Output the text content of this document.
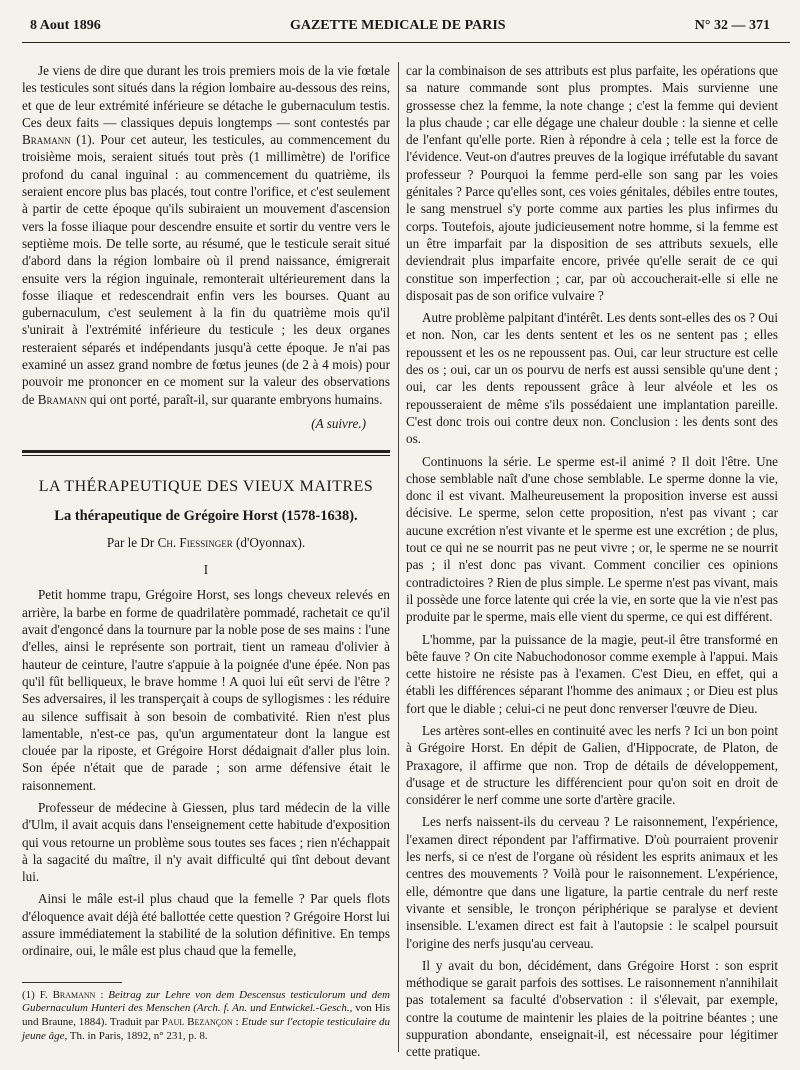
8 Aout 1896	GAZETTE MEDICALE DE PARIS	N° 32 — 371

Je viens de dire que durant les trois premiers mois de la vie fœtale les testicules sont situés dans la région lombaire au-dessous des reins, et que de leur extrémité inférieure se détache le gubernaculum testis. Ces deux faits — classiques depuis longtemps — sont contestés par Bramann (1). Pour cet auteur, les testicules, au commencement du troisième mois, seraient situés tout près (1 millimètre) de l'orifice profond du canal inguinal : au commencement du quatrième, ils seraient encore plus bas placés, tout contre l'orifice, et c'est seulement à partir de cette époque qu'ils subiraient un mouvement d'ascension vers la fosse iliaque pour descendre ensuite et sortir du ventre vers le septième mois. De telle sorte, au résumé, que le testicule serait situé d'abord dans la région lombaire où il prend naissance, émigrerait ensuite vers la région inguinale, remonterait ultérieurement dans la fosse iliaque et redescendrait enfin vers les bourses. Quant au gubernaculum, c'est seulement à la fin du quatrième mois qu'il s'unirait à l'extrémité inférieure du testicule ; les deux organes resteraient séparés et indépendants jusqu'à cette époque. Je n'ai pas examiné un assez grand nombre de fœtus jeunes (de 2 à 4 mois) pour pouvoir me prononcer en ce moment sur la valeur des observations de Bramann qui ont porté, paraît-il, sur quarante embryons humains.

(A suivre.)
LA THÉRAPEUTIQUE DES VIEUX MAITRES
La thérapeutique de Grégoire Horst (1578-1638).
Par le Dr Ch. Fiessinger (d'Oyonnax).
I

Petit homme trapu, Grégoire Horst, ses longs cheveux relevés en arrière, la barbe en forme de quadrilatère pommadé, rachetait ce qu'il avait d'engoncé dans la tournure par la noble pose de ses mains : l'une d'elles, ainsi le représente son portrait, tient un rameau d'olivier à hauteur de ceinture, l'autre s'appuie à la poignée d'une épée. Non pas qu'il fût belliqueux, le brave homme ! A quoi lui eût servi de l'être ? Ses adversaires, il les transperçait à coups de syllogismes : les réduire au silence suffisait à son besoin de combativité. Rien n'est plus lamentable, n'est-ce pas, qu'un argumentateur dont la langue est clouée par la riposte, et Grégoire Horst dédaignait d'aller plus loin. Son épée n'était que de parade ; son arme défensive était le raisonnement.

Professeur de médecine à Giessen, plus tard médecin de la ville d'Ulm, il avait acquis dans l'enseignement cette habitude d'exposition qui vous retourne un problème sous toutes ses faces ; rien n'échappait à la sagacité du maître, il n'y avait difficulté qui tînt debout devant lui.

Ainsi le mâle est-il plus chaud que la femelle ? Par quels flots d'éloquence avait déjà été ballottée cette question ? Grégoire Horst lui assure immédiatement la stabilité de la solution définitive. En temps ordinaire, oui, le mâle est plus chaud que la femelle,

(1) F. Bramann : Beitrag zur Lehre von dem Descensus testiculorum und dem Gubernaculum Hunteri des Menschen (Arch. f. An. und Entwickel.-Gesch., von His und Braune, 1884). Traduit par Paul Bezançon : Etude sur l'ectopie testiculaire du jeune âge, Th. in Paris, 1892, n° 231, p. 8.

car la combinaison de ses attributs est plus parfaite, les opérations que sa nature commande sont plus promptes. Mais survienne une grossesse chez la femme, la note change ; c'est la femme qui devient la plus chaude ; car elle dégage une chaleur double : la sienne et celle de l'enfant qu'elle porte. Rien à répondre à cela ; telle est la force de l'évidence. Veut-on d'autres preuves de la logique irréfutable du savant professeur ? Pourquoi la femme perd-elle son sang par les voies génitales ? Parce qu'elles sont, ces voies génitales, débiles entre toutes, le sang menstruel s'y porte comme aux parties les plus infirmes du corps. Toutefois, ajoute judicieusement notre homme, si la femme est un être imparfait par la disposition de ses attributs sexuels, elle deviendrait plus imparfaite encore, privée qu'elle serait de ce qui constitue son imperfection ; car, par où accoucherait-elle si elle ne disposait pas de son orifice vulvaire ?

Autre problème palpitant d'intérêt. Les dents sont-elles des os ? Oui et non. Non, car les dents sentent et les os ne sentent pas ; elles repoussent et les os ne repoussent pas. Oui, car leur structure est celle des os ; oui, car un os pourvu de nerfs est aussi sensible qu'une dent ; oui, car les dents repoussent grâce à leur alvéole et les os repousseraient de même s'ils possédaient une implantation pareille. C'est donc trois oui contre deux non. Conclusion : les dents sont des os.

Continuons la série. Le sperme est-il animé ? Il doit l'être. Une chose semblable naît d'une chose semblable. Le sperme donne la vie, donc il est vivant. Malheureusement la proposition inverse est aussi décisive. Le sperme, selon cette proposition, n'est pas vivant ; car aucune excrétion n'est vivante et le sperme est une excrétion ; de plus, tout ce qui ne se nourrit pas ne peut vivre ; or, le sperme ne se nourrit pas ; il n'est donc pas vivant. Comment concilier ces opinions contradictoires ? Rien de plus simple. Le sperme n'est pas vivant, mais il possède une force latente qui crée la vie, en sorte que la vie n'est pas produite par le sperme, mais elle vient du sperme, ce qui est différent.

L'homme, par la puissance de la magie, peut-il être transformé en bête fauve ? On cite Nabuchodonosor comme exemple à l'appui. Mais cette histoire ne résiste pas à l'examen. C'est Dieu, en effet, qui a établi les différences séparant l'homme des animaux ; or Dieu est plus fort que le diable ; celui-ci ne peut donc renverser l'œuvre de Dieu.

Les artères sont-elles en continuité avec les nerfs ? Ici un bon point à Grégoire Horst. En dépit de Galien, d'Hippocrate, de Platon, de Praxagore, il affirme que non. Trop de détails de développement, d'usage et de structure les différencient pour qu'on soit en droit de considérer le nerf comme une sorte d'artère gracile.

Les nerfs naissent-ils du cerveau ? Le raisonnement, l'expérience, l'examen direct répondent par l'affirmative. D'où pourraient provenir les nerfs, si ce n'est de l'organe où résident les esprits animaux et les centres des mouvements ? Voilà pour le raisonnement. L'expérience, elle, démontre que dans une ligature, la partie centrale du nerf reste vivante et sensible, le tronçon périphérique se paralyse et devient insensible. L'examen direct est fait à l'autopsie : le scalpel poursuit l'origine des nerfs jusqu'au cerveau.

Il y avait du bon, décidément, dans Grégoire Horst : son esprit méthodique se garait parfois des sottises. Le raisonnement n'annihilait pas totalement sa faculté d'observation : il s'élevait, par exemple, contre la coutume de maintenir les plaies de la poitrine béantes ; une suppuration abondante, enseignait-il, est nécessaire pour légitimer cette pratique.
